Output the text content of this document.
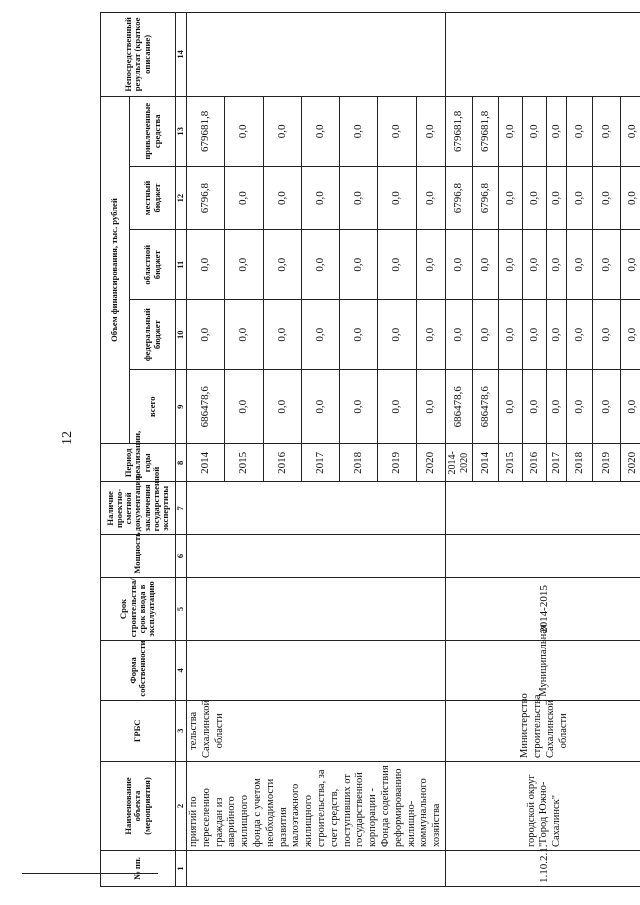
12
№ пп.	Наименование объекта (мероприятия)	ГРБС	Форма собственности	Срок строительства/срок ввода в эксплуатацию	Мощность	Наличие проектно-сметной документации, заключения государственной экспертизы	Период реализации, годы	Объем финансирования, тыс. рублей					Непосредственный результат (краткое описание)
								всего	федеральный бюджет	областной бюджет	местный бюджет	привлеченные средства	
1	2	3	4	5	6	7	8	9	10	11	12	13	14
	приятий по переселению граждан из аварийного жилищного фонда с учетом необходимости развития малоэтажного жилищного строительства, за счет средств, поступивших от государственной корпорации - Фонда содействия реформированию жилищно-коммунального хозяйства	тельства Сахалинской области					2014	686478,6	0,0	0,0	6796,8	679681,8	
							2015	0,0	0,0	0,0	0,0	0,0	
							2016	0,0	0,0	0,0	0,0	0,0	
							2017	0,0	0,0	0,0	0,0	0,0	
							2018	0,0	0,0	0,0	0,0	0,0	
							2019	0,0	0,0	0,0	0,0	0,0	
							2020	0,0	0,0	0,0	0,0	0,0	
1.10.2.1.	городской округ "Город Южно-Сахалинск"	Министерство строительства Сахалинской области	Муниципальная	2014-2015			2014-2020	686478,6	0,0	0,0	6796,8	679681,8	
							2014	686478,6	0,0	0,0	6796,8	679681,8	
							2015	0,0	0,0	0,0	0,0	0,0	
							2016	0,0	0,0	0,0	0,0	0,0	
							2017	0,0	0,0	0,0	0,0	0,0	
							2018	0,0	0,0	0,0	0,0	0,0	
							2019	0,0	0,0	0,0	0,0	0,0	
							2020	0,0	0,0	0,0	0,0	0,0	
